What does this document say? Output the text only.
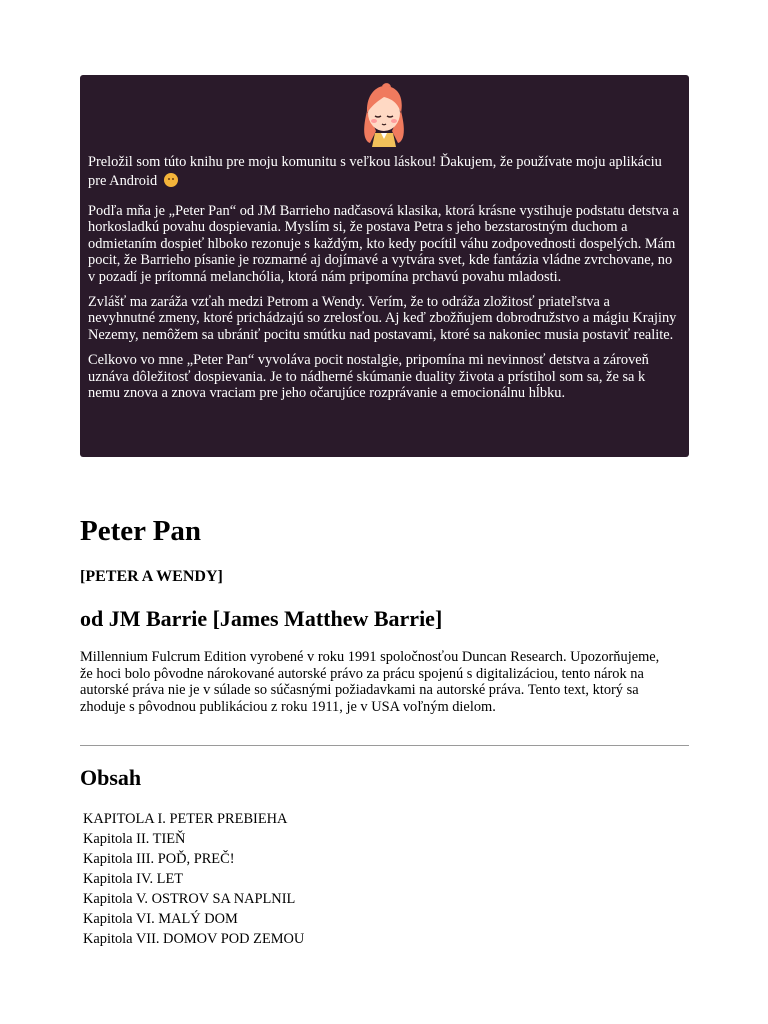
Preložil som túto knihu pre moju komunitu s veľkou láskou! Ďakujem, že používate moju aplikáciu pre Android

Podľa mňa je „Peter Pan“ od JM Barrieho nadčasová klasika, ktorá krásne vystihuje podstatu detstva a horkosladkú povahu dospievania. Myslím si, že postava Petra s jeho bezstarostným duchom a odmietaním dospieť hlboko rezonuje s každým, kto kedy pocítil váhu zodpovednosti dospelých. Mám pocit, že Barrieho písanie je rozmarné aj dojímavé a vytvára svet, kde fantázia vládne zvrchovane, no v pozadí je prítomná melanchólia, ktorá nám pripomína prchavú povahu mladosti.

Zvlášť ma zaráža vzťah medzi Petrom a Wendy. Verím, že to odráža zložitosť priateľstva a nevyhnutné zmeny, ktoré prichádzajú so zrelosťou. Aj keď zbožňujem dobrodružstvo a mágiu Krajiny Nezemy, nemôžem sa ubrániť pocitu smútku nad postavami, ktoré sa nakoniec musia postaviť realite.

Celkovo vo mne „Peter Pan“ vyvoláva pocit nostalgie, pripomína mi nevinnosť detstva a zároveň uznáva dôležitosť dospievania. Je to nádherné skúmanie duality života a prístihol som sa, že sa k nemu znova a znova vraciam pre jeho očarujúce rozprávanie a emocionálnu hĺbku.

Peter Pan
[PETER A WENDY]
od JM Barrie [James Matthew Barrie]

Millennium Fulcrum Edition vyrobené v roku 1991 spoločnosťou Duncan Research. Upozorňujeme, že hoci bolo pôvodne nárokované autorské právo za prácu spojenú s digitalizáciou, tento nárok na autorské práva nie je v súlade so súčasnými požiadavkami na autorské práva. Tento text, ktorý sa zhoduje s pôvodnou publikáciou z roku 1911, je v USA voľným dielom.

Obsah
KAPITOLA I. PETER PREBIEHA
Kapitola II. TIEŇ
Kapitola III. POĎ, PREČ!
Kapitola IV. LET
Kapitola V. OSTROV SA NAPLNIL
Kapitola VI. MALÝ DOM
Kapitola VII. DOMOV POD ZEMOU
